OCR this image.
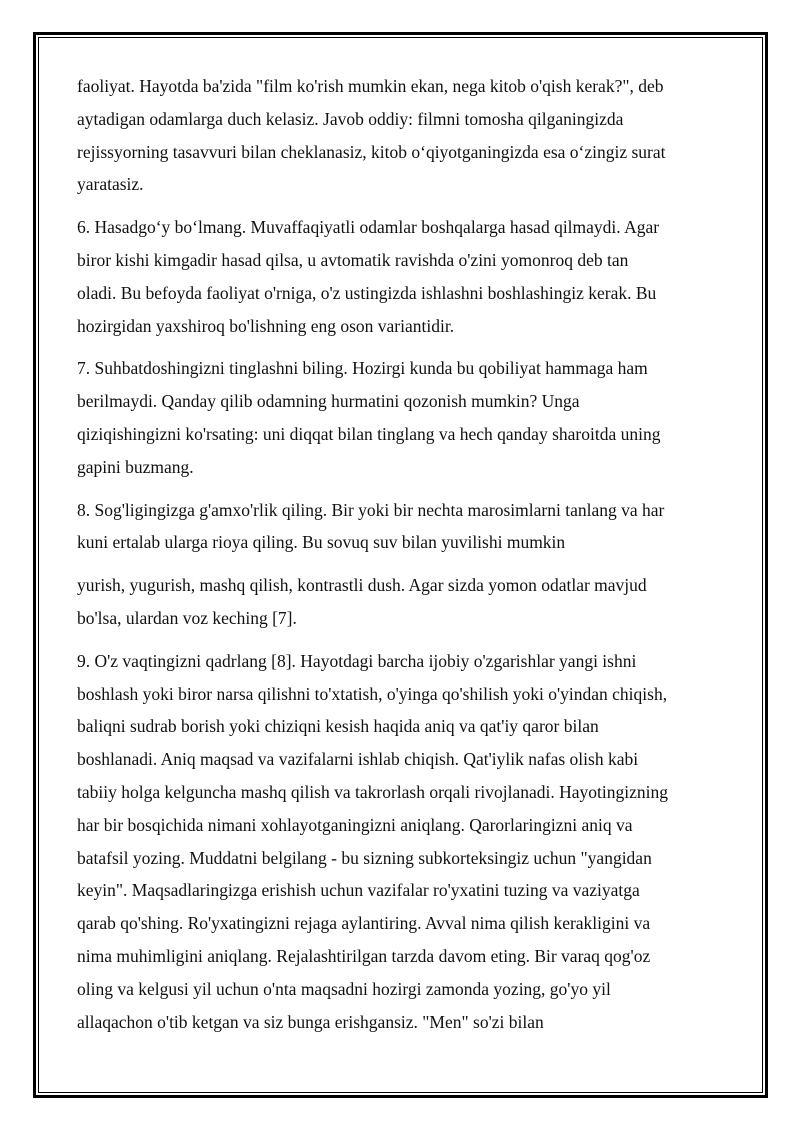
faoliyat. Hayotda ba'zida "film ko'rish mumkin ekan, nega kitob o'qish kerak?", deb
aytadigan odamlarga duch kelasiz. Javob oddiy: filmni tomosha qilganingizda
rejissyorning tasavvuri bilan cheklanasiz, kitob o‘qiyotganingizda esa o‘zingiz surat
yaratasiz.

6. Hasadgo‘y bo‘lmang. Muvaffaqiyatli odamlar boshqalarga hasad qilmaydi. Agar
biror kishi kimgadir hasad qilsa, u avtomatik ravishda o'zini yomonroq deb tan
oladi. Bu befoyda faoliyat o'rniga, o'z ustingizda ishlashni boshlashingiz kerak. Bu
hozirgidan yaxshiroq bo'lishning eng oson variantidir.

7. Suhbatdoshingizni tinglashni biling. Hozirgi kunda bu qobiliyat hammaga ham
berilmaydi. Qanday qilib odamning hurmatini qozonish mumkin? Unga
qiziqishingizni ko'rsating: uni diqqat bilan tinglang va hech qanday sharoitda uning
gapini buzmang.

8. Sog'ligingizga g'amxo'rlik qiling. Bir yoki bir nechta marosimlarni tanlang va har
kuni ertalab ularga rioya qiling. Bu sovuq suv bilan yuvilishi mumkin

yurish, yugurish, mashq qilish, kontrastli dush. Agar sizda yomon odatlar mavjud
bo'lsa, ulardan voz keching [7].

9. O'z vaqtingizni qadrlang [8]. Hayotdagi barcha ijobiy o'zgarishlar yangi ishni
boshlash yoki biror narsa qilishni to'xtatish, o'yinga qo'shilish yoki o'yindan chiqish,
baliqni sudrab borish yoki chiziqni kesish haqida aniq va qat'iy qaror bilan
boshlanadi. Aniq maqsad va vazifalarni ishlab chiqish. Qat'iylik nafas olish kabi
tabiiy holga kelguncha mashq qilish va takrorlash orqali rivojlanadi. Hayotingizning
har bir bosqichida nimani xohlayotganingizni aniqlang. Qarorlaringizni aniq va
batafsil yozing. Muddatni belgilang - bu sizning subkorteksingiz uchun "yangidan
keyin". Maqsadlaringizga erishish uchun vazifalar ro'yxatini tuzing va vaziyatga
qarab qo'shing. Ro'yxatingizni rejaga aylantiring. Avval nima qilish kerakligini va
nima muhimligini aniqlang. Rejalashtirilgan tarzda davom eting. Bir varaq qog'oz
oling va kelgusi yil uchun o'nta maqsadni hozirgi zamonda yozing, go'yo yil
allaqachon o'tib ketgan va siz bunga erishgansiz. "Men" so'zi bilan
